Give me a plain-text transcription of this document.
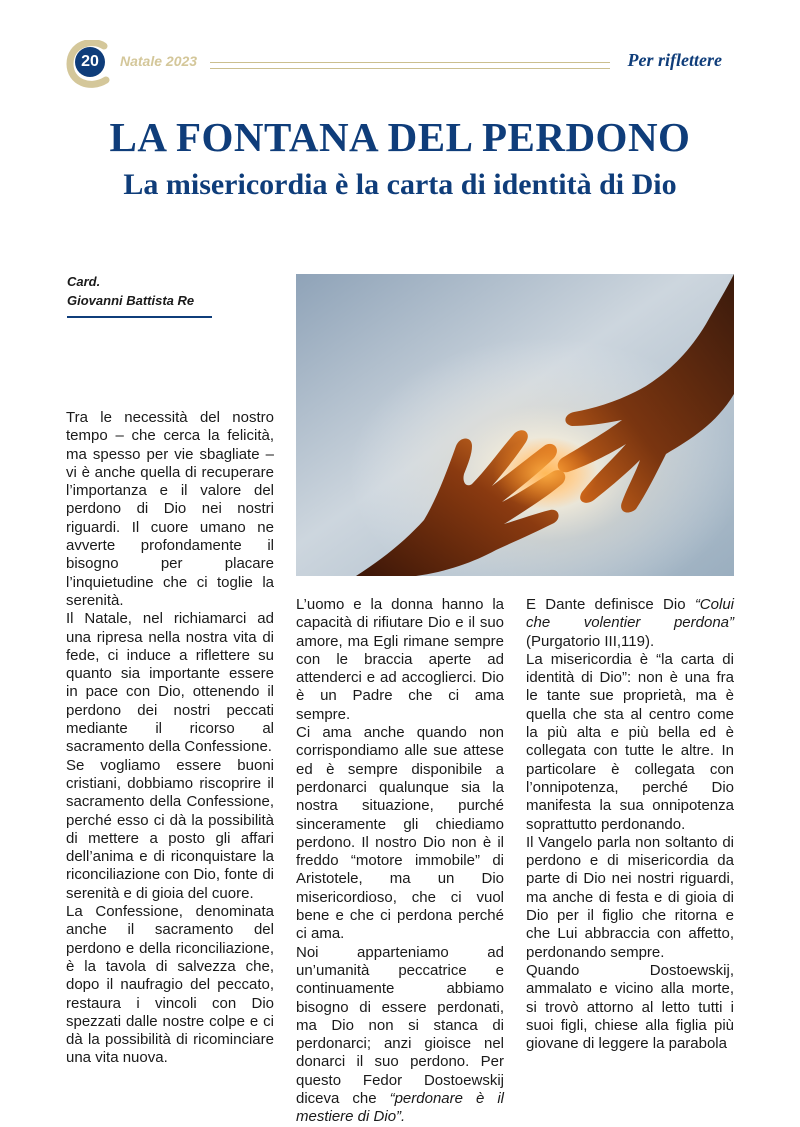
20	Natale 2023	Per riflettere
LA FONTANA DEL PERDONO
La misericordia è la carta di identità di Dio
Card.
Giovanni Battista Re

Tra le necessità del nostro tempo – che cerca la felicità, ma spesso per vie sbagliate – vi è anche quella di recuperare l’importanza e il valore del perdono di Dio nei nostri riguardi. Il cuore umano ne avverte profondamente il bisogno per placare l’inquietudine che ci toglie la serenità.

Il Natale, nel richiamarci ad una ripresa nella nostra vita di fede, ci induce a riflettere su quanto sia importante essere in pace con Dio, ottenendo il perdono dei nostri peccati mediante il ricorso al sacramento della Confessione.

Se vogliamo essere buoni cristiani, dobbiamo riscoprire il sacramento della Confessione, perché esso ci dà la possibilità di mettere a posto gli affari dell’anima e di riconquistare la riconciliazione con Dio, fonte di serenità e di gioia del cuore.

La Confessione, denominata anche il sacramento del perdono e della riconciliazione, è la tavola di salvezza che, dopo il naufragio del peccato, restaura i vincoli con Dio spezzati dalle nostre colpe e ci dà la possibilità di ricominciare una vita nuova.

L’uomo e la donna hanno la capacità di rifiutare Dio e il suo amore, ma Egli rimane sempre con le braccia aperte ad attenderci e ad accoglierci. Dio è un Padre che ci ama sempre.

Ci ama anche quando non corrispondiamo alle sue attese ed è sempre disponibile a perdonarci qualunque sia la nostra situazione, purché sinceramente gli chiediamo perdono. Il nostro Dio non è il freddo “motore immobile” di Aristotele, ma un Dio misericordioso, che ci vuol bene e che ci perdona perché ci ama.

Noi apparteniamo ad un’umanità peccatrice e continuamente abbiamo bisogno di essere perdonati, ma Dio non si stanca di perdonarci; anzi gioisce nel donarci il suo perdono. Per questo Fedor Dostoewskij diceva che “perdonare è il mestiere di Dio”.

E Dante definisce Dio “Colui che volentier perdona” (Purgatorio III,119).

La misericordia è “la carta di identità di Dio”: non è una fra le tante sue proprietà, ma è quella che sta al centro come la più alta e più bella ed è collegata con tutte le altre. In particolare è collegata con l’onnipotenza, perché Dio manifesta la sua onnipotenza soprattutto perdonando.

Il Vangelo parla non soltanto di perdono e di misericordia da parte di Dio nei nostri riguardi, ma anche di festa e di gioia di Dio per il figlio che ritorna e che Lui abbraccia con affetto, perdonando sempre.

Quando Dostoewskij, ammalato e vicino alla morte, si trovò attorno al letto tutti i suoi figli, chiese alla figlia più giovane di leggere la parabola
